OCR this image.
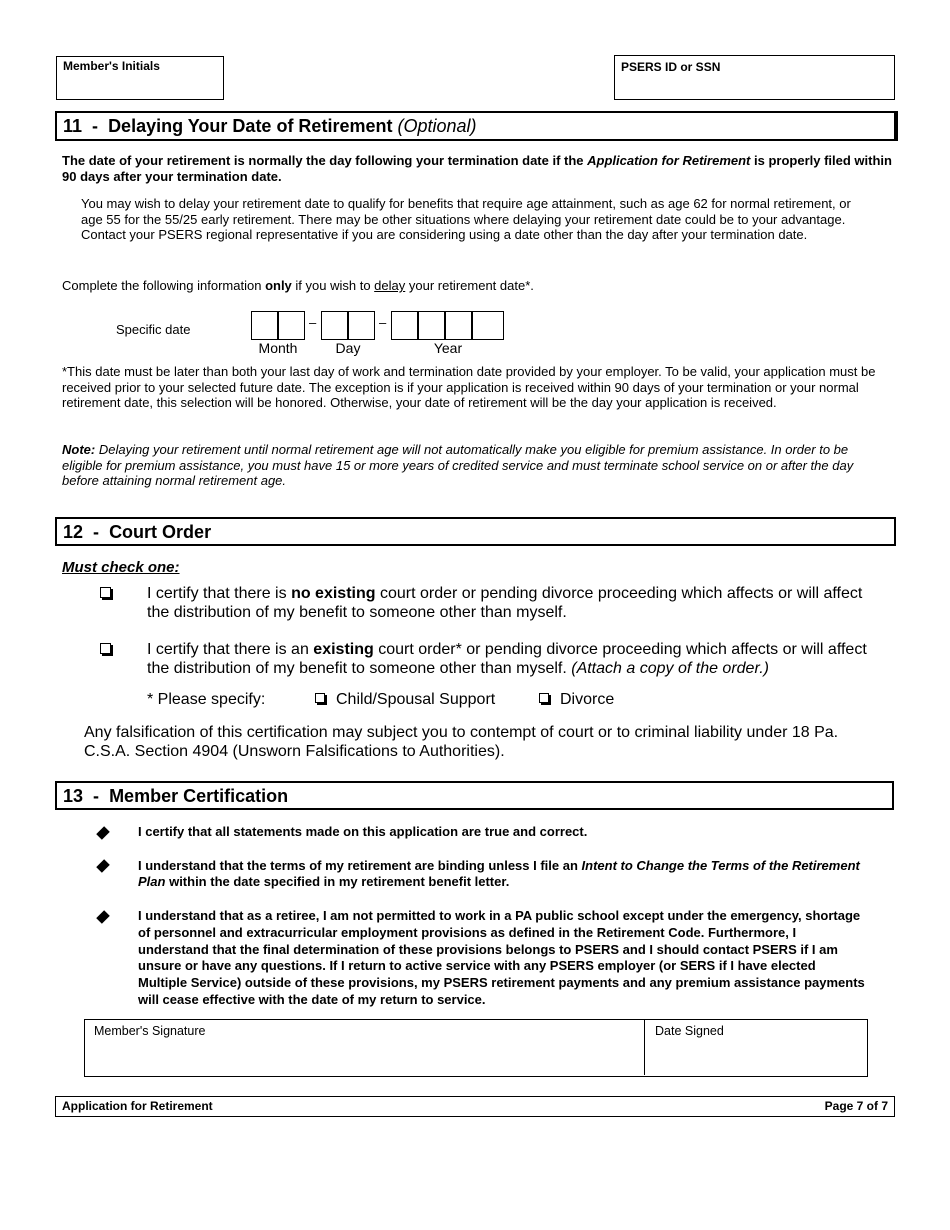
Member's Initials	PSERS ID or SSN
11 - Delaying Your Date of Retirement (Optional)
The date of your retirement is normally the day following your termination date if the Application for Retirement is properly filed within 90 days after your termination date.
You may wish to delay your retirement date to qualify for benefits that require age attainment, such as age 62 for normal retirement, or age 55 for the 55/25 early retirement. There may be other situations where delaying your retirement date could be to your advantage. Contact your PSERS regional representative if you are considering using a date other than the day after your termination date.
Complete the following information only if you wish to delay your retirement date*.
Specific date	–	–
Month	Day	Year
*This date must be later than both your last day of work and termination date provided by your employer. To be valid, your application must be received prior to your selected future date. The exception is if your application is received within 90 days of your termination or your normal retirement date, this selection will be honored. Otherwise, your date of retirement will be the day your application is received.
Note: Delaying your retirement until normal retirement age will not automatically make you eligible for premium assistance. In order to be eligible for premium assistance, you must have 15 or more years of credited service and must terminate school service on or after the day before attaining normal retirement age.
12 - Court Order
Must check one:
I certify that there is no existing court order or pending divorce proceeding which affects or will affect the distribution of my benefit to someone other than myself.
I certify that there is an existing court order* or pending divorce proceeding which affects or will affect the distribution of my benefit to someone other than myself. (Attach a copy of the order.)
* Please specify:	Child/Spousal Support	Divorce
Any falsification of this certification may subject you to contempt of court or to criminal liability under 18 Pa. C.S.A. Section 4904 (Unsworn Falsifications to Authorities).
13 - Member Certification
I certify that all statements made on this application are true and correct.
I understand that the terms of my retirement are binding unless I file an Intent to Change the Terms of the Retirement Plan within the date specified in my retirement benefit letter.
I understand that as a retiree, I am not permitted to work in a PA public school except under the emergency, shortage of personnel and extracurricular employment provisions as defined in the Retirement Code. Furthermore, I understand that the final determination of these provisions belongs to PSERS and I should contact PSERS if I am unsure or have any questions. If I return to active service with any PSERS employer (or SERS if I have elected Multiple Service) outside of these provisions, my PSERS retirement payments and any premium assistance payments will cease effective with the date of my return to service.
Member's Signature	Date Signed
Application for Retirement	Page 7 of 7
